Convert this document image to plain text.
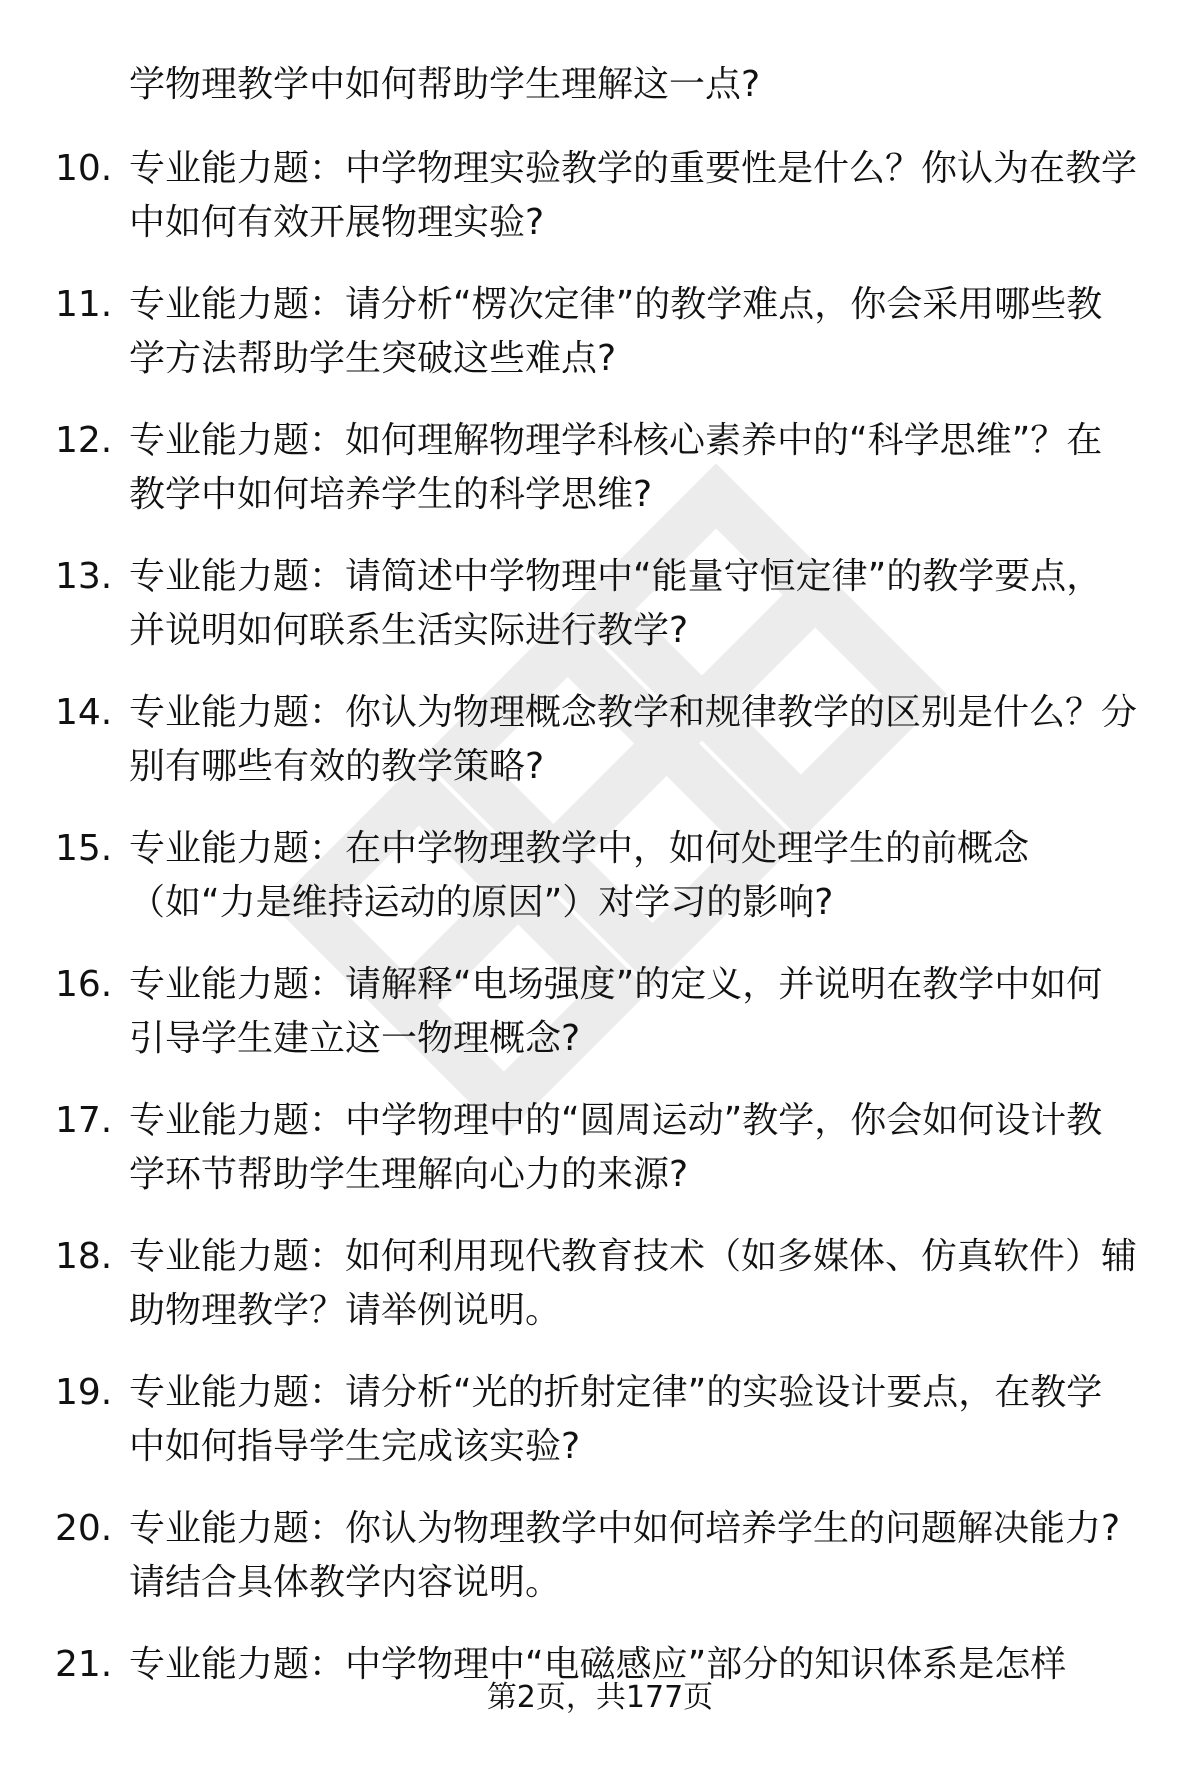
学物理教学中如何帮助学生理解这一点?
10. 专业能力题：中学物理实验教学的重要性是什么？你认为在教学
中如何有效开展物理实验?
11. 专业能力题：请分析“楞次定律”的教学难点，你会采用哪些教
学方法帮助学生突破这些难点?
12. 专业能力题：如何理解物理学科核心素养中的“科学思维”？在
教学中如何培养学生的科学思维?
13. 专业能力题：请简述中学物理中“能量守恒定律”的教学要点，
并说明如何联系生活实际进行教学?
14. 专业能力题：你认为物理概念教学和规律教学的区别是什么？分
别有哪些有效的教学策略?
15. 专业能力题：在中学物理教学中，如何处理学生的前概念
（如“力是维持运动的原因”）对学习的影响?
16. 专业能力题：请解释“电场强度”的定义，并说明在教学中如何
引导学生建立这一物理概念?
17. 专业能力题：中学物理中的“圆周运动”教学，你会如何设计教
学环节帮助学生理解向心力的来源?
18. 专业能力题：如何利用现代教育技术（如多媒体、仿真软件）辅
助物理教学？请举例说明。
19. 专业能力题：请分析“光的折射定律”的实验设计要点，在教学
中如何指导学生完成该实验?
20. 专业能力题：你认为物理教学中如何培养学生的问题解决能力?
请结合具体教学内容说明。
21. 专业能力题：中学物理中“电磁感应”部分的知识体系是怎样
第2页，共177页
